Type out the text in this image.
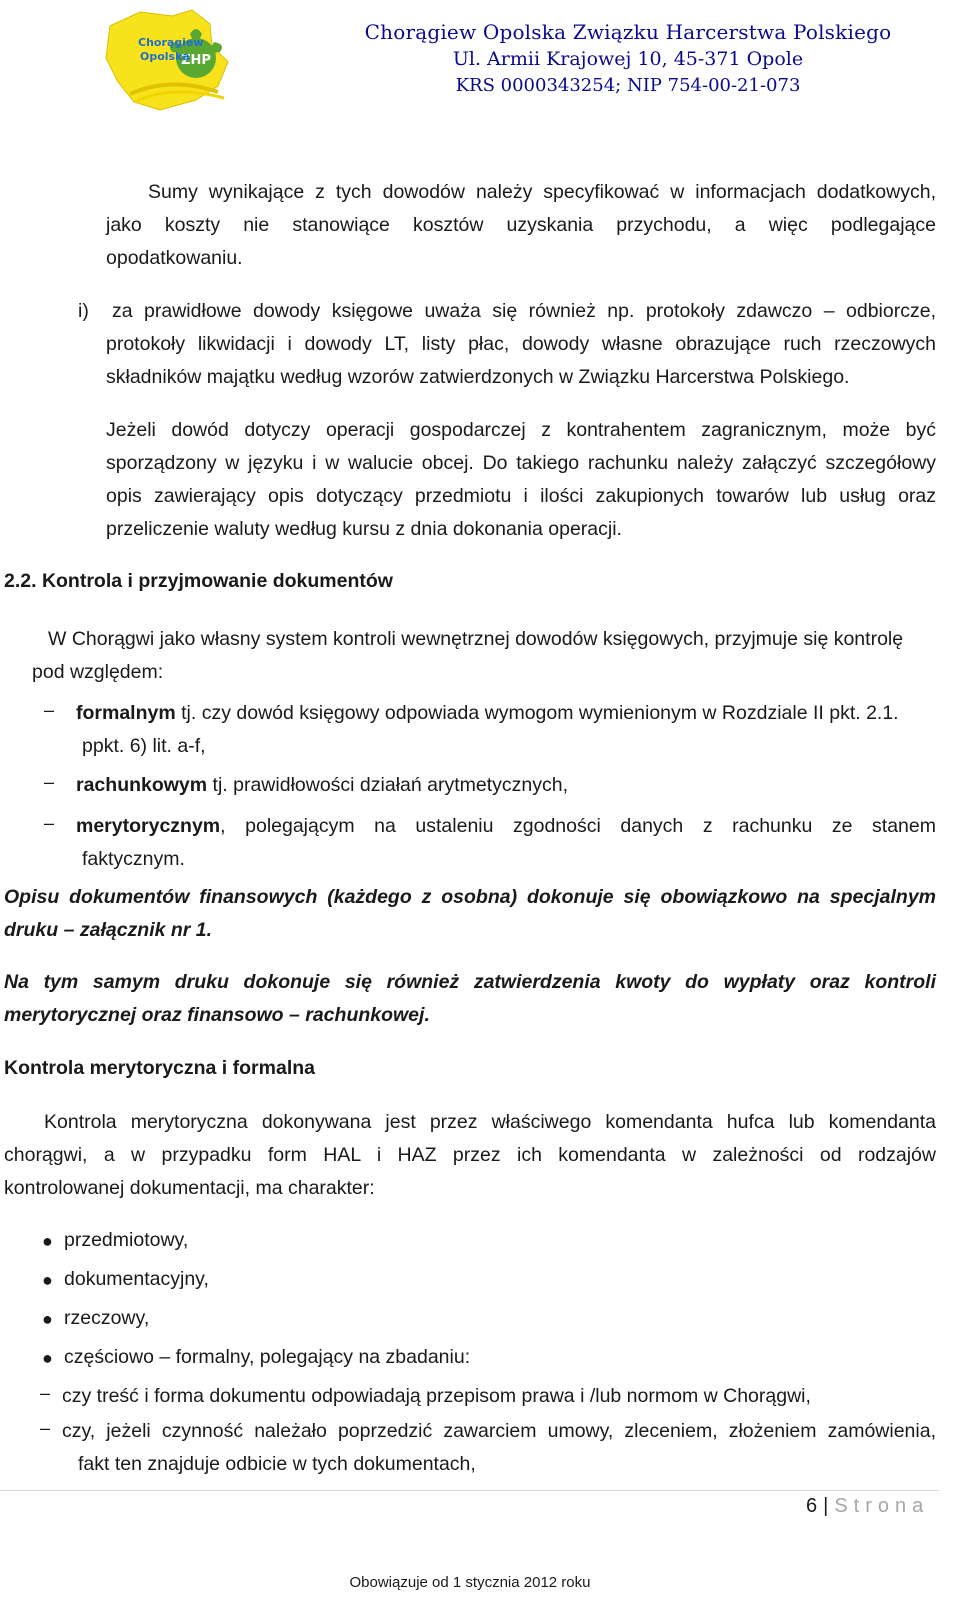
ZHP
Chorągiew Opolska
Chorągiew Opolska Związku Harcerstwa Polskiego
Ul. Armii Krajowej 10, 45-371 Opole
KRS 0000343254; NIP 754-00-21-073
Sumy wynikające z tych dowodów należy specyfikować w informacjach dodatkowych,
jako koszty nie stanowiące kosztów uzyskania przychodu, a więc podlegające
opodatkowaniu.
i) za prawidłowe dowody księgowe uważa się również np. protokoły zdawczo – odbiorcze,
protokoły likwidacji i dowody LT, listy płac, dowody własne obrazujące ruch rzeczowych
składników majątku według wzorów zatwierdzonych w Związku Harcerstwa Polskiego.
Jeżeli dowód dotyczy operacji gospodarczej z kontrahentem zagranicznym, może być
sporządzony w języku i w walucie obcej. Do takiego rachunku należy załączyć szczegółowy
opis zawierający opis dotyczący przedmiotu i ilości zakupionych towarów lub usług oraz
przeliczenie waluty według kursu z dnia dokonania operacji.
2.2. Kontrola i przyjmowanie dokumentów
W Chorągwi jako własny system kontroli wewnętrznej dowodów księgowych, przyjmuje się kontrolę
pod względem:
– formalnym tj. czy dowód księgowy odpowiada wymogom wymienionym w Rozdziale II pkt. 2.1.
ppkt. 6) lit. a-f,
– rachunkowym tj. prawidłowości działań arytmetycznych,
– merytorycznym, polegającym na ustaleniu zgodności danych z rachunku ze stanem
faktycznym.
Opisu dokumentów finansowych (każdego z osobna) dokonuje się obowiązkowo na specjalnym
druku – załącznik nr 1.
Na tym samym druku dokonuje się również zatwierdzenia kwoty do wypłaty oraz kontroli
merytorycznej oraz finansowo – rachunkowej.
Kontrola merytoryczna i formalna
Kontrola merytoryczna dokonywana jest przez właściwego komendanta hufca lub komendanta
chorągwi, a w przypadku form HAL i HAZ przez ich komendanta w zależności od rodzajów
kontrolowanej dokumentacji, ma charakter:
● przedmiotowy,
● dokumentacyjny,
● rzeczowy,
● częściowo – formalny, polegający na zbadaniu:
– czy treść i forma dokumentu odpowiadają przepisom prawa i /lub normom w Chorągwi,
– czy, jeżeli czynność należało poprzedzić zawarciem umowy, zleceniem, złożeniem zamówienia,
fakt ten znajduje odbicie w tych dokumentach,
6 | Strona
Obowiązuje od 1 stycznia 2012 roku
